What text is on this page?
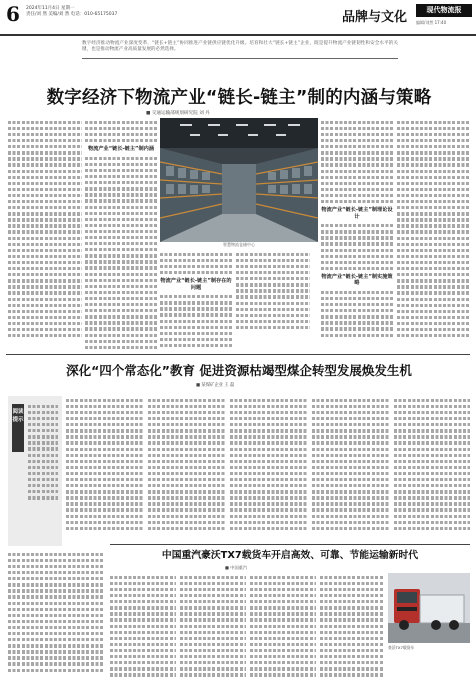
6 2024年11月4日 星期一
责任/刘 然 美编/刘 然 电话：010-65175037	品牌与文化	现代物流报
编辑/刘然 17:40
数字经济推动物流产业深度变革，“链长+链主”协同推进产业链供应链优化升级。培育和壮大“链长+链主”企业，既是提升物流产业链韧性和安全水平的关键，也是推动物流产业高质量发展的必然选择。
数字经济下物流产业“链长-链主”制的内涵与策略
■ 交通运输部规划研究院 刘 丹
物流产业“链长-链主”制内涵
智慧物流仓储中心
物流产业“链长-链主”制存在的问题
物流产业“链长-链主”制理论设计
物流产业“链长-链主”制实施策略
深化“四个常态化”教育 促进资源枯竭型煤企转型发展焕发生机
■ 某煤矿企业 王 磊
阅读提示
中国重汽豪沃TX7载货车开启高效、可靠、节能运输新时代
■ 中国重汽
豪沃TX7载货车
